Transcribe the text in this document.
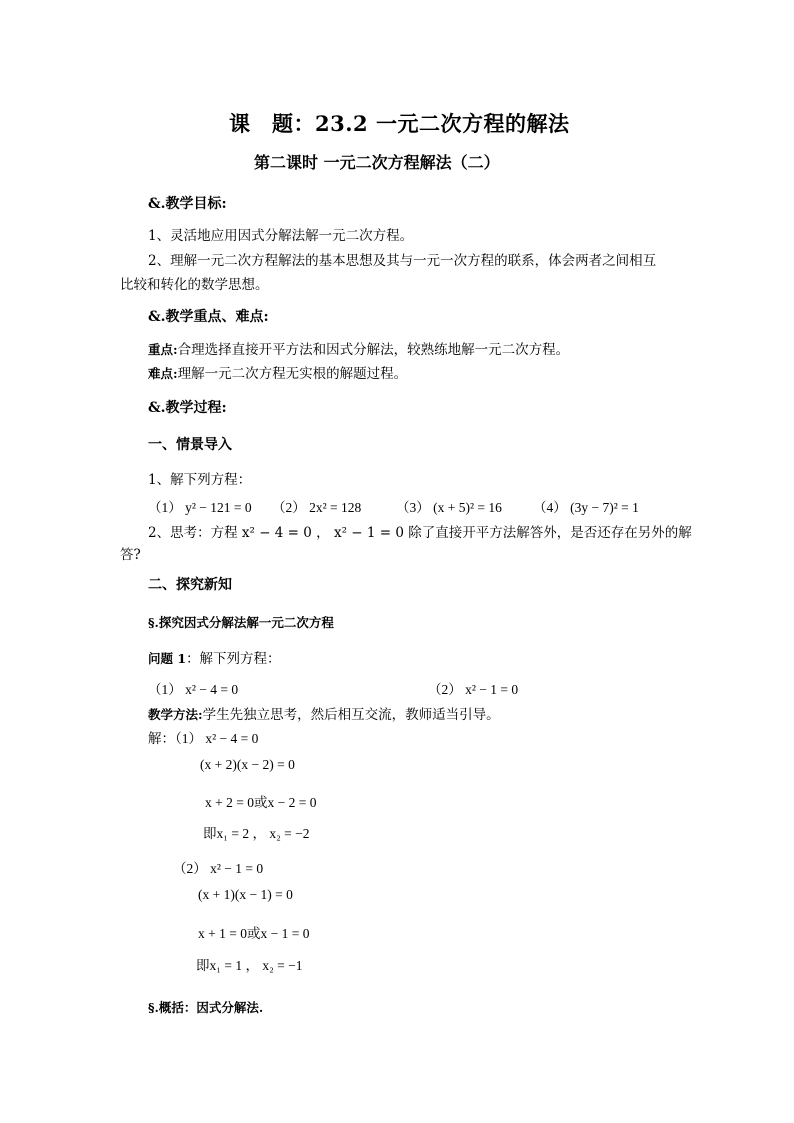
课　题：23.2 一元二次方程的解法
第二课时 一元二次方程解法（二）
&.教学目标:
1、灵活地应用因式分解法解一元二次方程。
2、理解一元二次方程解法的基本思想及其与一元一次方程的联系，体会两者之间相互
比较和转化的数学思想。
&.教学重点、难点:
重点:合理选择直接开平方法和因式分解法，较熟练地解一元二次方程。
难点:理解一元二次方程无实根的解题过程。
&.教学过程:
一、情景导入
1、解下列方程：
（1） y² − 121 = 0 （2） 2x² = 128	（3） (x + 5)² = 16 （4） (3y − 7)² = 1
2、思考：方程 x² − 4 = 0 ， x² − 1 = 0 除了直接开平方法解答外，是否还存在另外的解
答?
二、探究新知
§.探究因式分解法解一元二次方程
问题 1：解下列方程：
（1） x² − 4 = 0	（2） x² − 1 = 0
教学方法:学生先独立思考，然后相互交流，教师适当引导。
解：（1） x² − 4 = 0
(x + 2)(x − 2) = 0
x + 2 = 0或x − 2 = 0
即x₁ = 2 ， x₂ = −2
（2） x² − 1 = 0
(x + 1)(x − 1) = 0
x + 1 = 0或x − 1 = 0
即x₁ = 1 ， x₂ = −1
§.概括：因式分解法.
